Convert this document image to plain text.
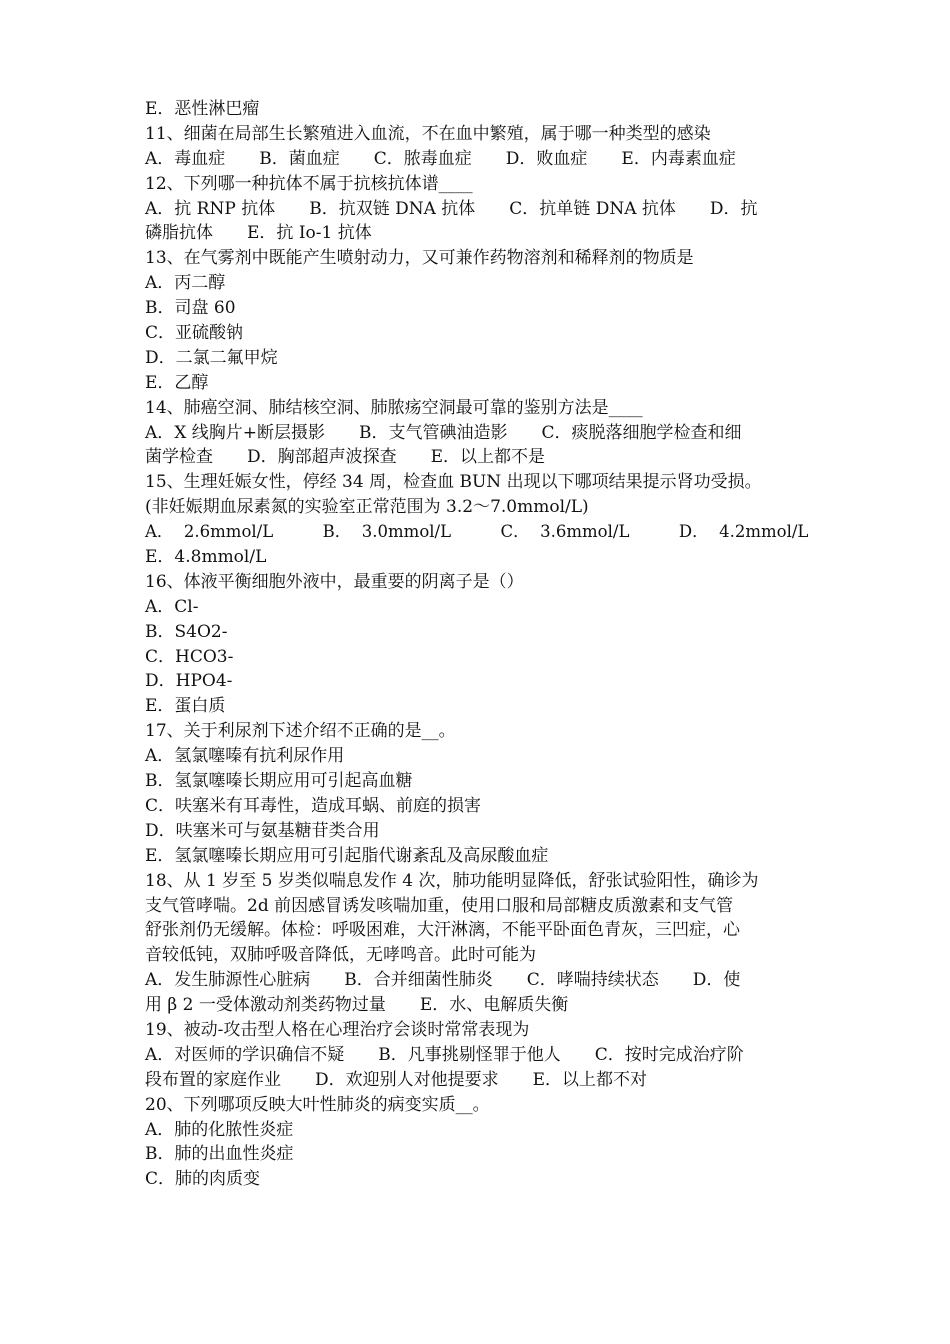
E．恶性淋巴瘤
11、细菌在局部生长繁殖进入血流，不在血中繁殖，属于哪一种类型的感染
A．毒血症　　B．菌血症　　C．脓毒血症　　D．败血症　　E．内毒素血症
12、下列哪一种抗体不属于抗核抗体谱____
A．抗 RNP 抗体　　B．抗双链 DNA 抗体　　C．抗单链 DNA 抗体　　D．抗
磷脂抗体　　E．抗 Io-1 抗体
13、在气雾剂中既能产生喷射动力，又可兼作药物溶剂和稀释剂的物质是
A．丙二醇
B．司盘 60
C．亚硫酸钠
D．二氯二氟甲烷
E．乙醇
14、肺癌空洞、肺结核空洞、肺脓疡空洞最可靠的鉴别方法是____
A．X 线胸片+断层摄影　　B．支气管碘油造影　　C．痰脱落细胞学检查和细
菌学检查　　D．胸部超声波探查　　E．以上都不是
15、生理妊娠女性，停经 34 周，检查血 BUN 出现以下哪项结果提示肾功受损。
(非妊娠期血尿素氮的实验室正常范围为 3.2～7.0mmol/L)
A．  2.6mmol/L　　　B．  3.0mmol/L　　　C．  3.6mmol/L　　　D．  4.2mmol/L
E．4.8mmol/L
16、体液平衡细胞外液中，最重要的阴离子是（）
A．Cl-
B．S4O2-
C．HCO3-
D．HPO4-
E．蛋白质
17、关于利尿剂下述介绍不正确的是__。
A．氢氯噻嗪有抗利尿作用
B．氢氯噻嗪长期应用可引起高血糖
C．呋塞米有耳毒性，造成耳蜗、前庭的损害
D．呋塞米可与氨基糖苷类合用
E．氢氯噻嗪长期应用可引起脂代谢紊乱及高尿酸血症
18、从 1 岁至 5 岁类似喘息发作 4 次，肺功能明显降低，舒张试验阳性，确诊为
支气管哮喘。2d 前因感冒诱发咳喘加重，使用口服和局部糖皮质激素和支气管
舒张剂仍无缓解。体检：呼吸困难，大汗淋漓，不能平卧面色青灰，三凹症，心
音较低钝，双肺呼吸音降低，无哮鸣音。此时可能为
A．发生肺源性心脏病　　B．合并细菌性肺炎　　C．哮喘持续状态　　D．使
用 β 2 一受体激动剂类药物过量　　E．水、电解质失衡
19、被动-攻击型人格在心理治疗会谈时常常表现为
A．对医师的学识确信不疑　　B．凡事挑剔怪罪于他人　　C．按时完成治疗阶
段布置的家庭作业　　D．欢迎别人对他提要求　　E．以上都不对
20、下列哪项反映大叶性肺炎的病变实质__。
A．肺的化脓性炎症
B．肺的出血性炎症
C．肺的肉质变
